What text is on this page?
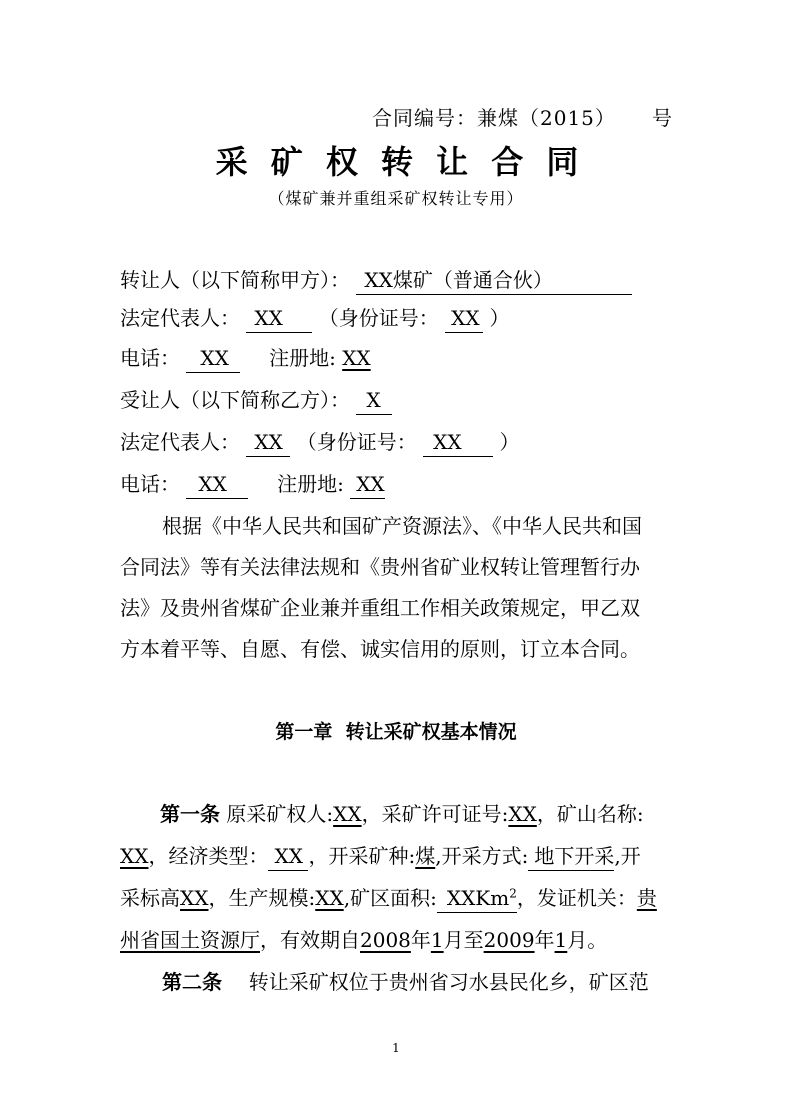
合同编号：兼煤（2015） 号
采 矿 权 转 让 合 同
（煤矿兼并重组采矿权转让专用）
转让人（以下简称甲方）： XX煤矿（普通合伙）
法定代表人： XX （身份证号： XX ）
电话： XX 注册地: XX
受让人（以下简称乙方）： X
法定代表人： XX （身份证号： XX ）
电话： XX	注册地: XX
根据《中华人民共和国矿产资源法》、《中华人民共和国
合同法》等有关法律法规和《贵州省矿业权转让管理暂行办
法》及贵州省煤矿企业兼并重组工作相关政策规定，甲乙双
方本着平等、自愿、有偿、诚实信用的原则，订立本合同。
第一章  转让采矿权基本情况
第一条 原采矿权人:XX，采矿许可证号:XX，矿山名称:
XX，经济类型： XX ，开采矿种:煤,开采方式: 地下开采,开
采标高XX，生产规模:XX,矿区面积: XXKm$^2$，发证机关：贵
州省国土资源厅，有效期自2008年1月至2009年1月。
第二条 转让采矿权位于贵州省习水县民化乡，矿区范
1
